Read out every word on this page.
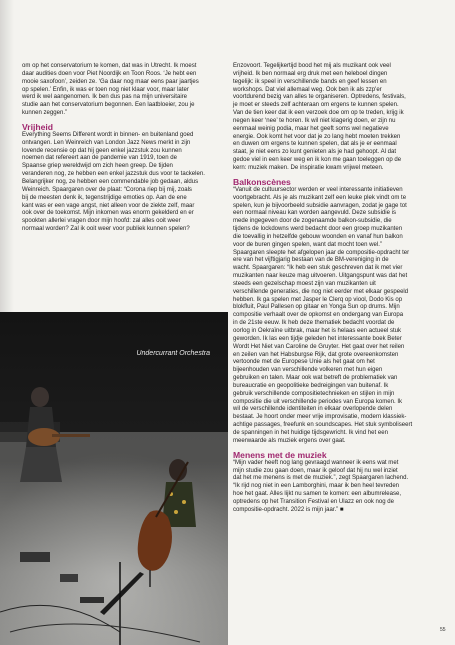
om op het conservatorium te komen, dat was in Utrecht. Ik moest

daar audities doen voor Piet Noordijk en Toon Roos. ‘Je hebt een

mooie saxofoon’, zeiden ze. ‘Ga daar nog maar eens paar jaartjes

op spelen.’ Enfin, ik was er toen nog niet klaar voor, maar later

werd ik wel aangenomen. Ik ben dus pas na mijn universitaire

studie aan het conservatorium begonnen. Een laatbloeier, zou je

kunnen zeggen.”

Vrijheid

Everything Seems Different wordt in binnen- en buitenland goed

ontvangen. Len Weinreich van London Jazz News merkt in zijn

lovende recensie op dat hij geen enkel jazzstuk zou kunnen

noemen dat refereert aan de pandemie van 1919, toen de

Spaanse griep wereldwijd om zich heen greep. De tijden

veranderen nog, ze hebben een enkel jazzstuk dus voor te tackelen.

Belangrijker nog, ze hebben een commendable job gedaan, aldus

Weinreich. Spaargaren over de plaat: “Corona riep bij mij, zoals

bij de meesten denk ik, tegenstrijdige emoties op. Aan de ene

kant was er een vage angst, niet alleen voor de ziekte zelf, maar

ook over de toekomst. Mijn inkomen was enorm gekelderd en er

spookten allerlei vragen door mijn hoofd: zal alles ooit weer

normaal worden? Zal ik ooit weer voor publiek kunnen spelen?

Undercurrant Orchestra

Enzovoort. Tegelijkertijd bood het mij als muzikant ook veel

vrijheid. Ik ben normaal erg druk met een heleboel dingen

tegelijk: ik speel in verschillende bands en geef lessen en

workshops. Dat viel allemaal weg. Ook ben ik als zzp'er

voortdurend bezig van alles te organiseren. Optredens, festivals,

je moet er steeds zelf achteraan om ergens te kunnen spelen.

Van de tien keer dat ik een verzoek doe om op te treden, krijg ik

negen keer ‘nee’ te horen. Ik wil niet klagerig doen, er zijn nu

eenmaal weinig podia, maar het geeft soms wel negatieve

energie. Ook komt het voor dat je zo lang hebt moeten trekken

en duwen om ergens te kunnen spelen, dat als je er eenmaal

staat, je niet eens zo kunt genieten als je had gehoopt. Al dat

gedoe viel in een keer weg en ik kon me gaan toeleggen op de

kern: muziek maken. De inspiratie kwam vrijwel meteen.

Balkonscènes

“Vanuit de cultuursector werden er veel interessante initiatieven

voortgebracht. Als je als muzikant zelf een leuke plek vindt om te

spelen, kun je bijvoorbeeld subsidie aanvragen, zodat je gage tot

een normaal niveau kan worden aangevuld. Deze subsidie is

mede ingegeven door de zogenaamde balkon-subsidie, die

tijdens de lockdowns werd bedacht door een groep muzikanten

die toevallig in hetzelfde gebouw woonden en vanaf hun balkon

voor de buren gingen spelen, want dat mocht toen wel.”

Spaargaren sleepte het afgelopen jaar de compositie-opdracht ter

ere van het vijftigjarig bestaan van de BM-vereniging in de

wacht. Spaargaren: “Ik heb een stuk geschreven dat ik met vier

muzikanten naar keuze mag uitvoeren. Uitgangspunt was dat het

steeds een gezelschap moest zijn van muzikanten uit

verschillende generaties, die nog niet eerder met elkaar gespeeld

hebben. Ik ga spelen met Jasper le Clerq op viool, Dodo Kis op

blokfluit, Paul Pallesen op gitaar en Yonga Sun op drums. Mijn

compositie verhaalt over de opkomst en ondergang van Europa

in de 21ste eeuw. Ik heb deze thematiek bedacht voordat de

oorlog in Oekraïne uitbrak, maar het is helaas een actueel stuk

geworden. Ik las een tijdje geleden het interessante boek Beter

Wordt Het Niet van Caroline de Gruyter. Het gaat over het reilen

en zeilen van het Habsburgse Rijk, dat grote overeenkomsten

vertoonde met de Europese Unie als het gaat om het

bijeenhouden van verschillende volkeren met hun eigen

gebruiken en talen. Maar ook wat betreft de problematiek van

bureaucratie en geopolitieke bedreigingen van buitenaf. Ik

gebruik verschillende compositietechnieken en stijlen in mijn

compositie die uit verschillende periodes van Europa komen. Ik

wil de verschillende identiteiten in elkaar overlopende delen

bestaat. Je hoort onder meer vrije improvisatie, modern klassiek-

achtige passages, freefunk en soundscapes. Het stuk symboliseert

de spanningen in het huidige tijdsgewricht. Ik vind het een

meerwaarde als muziek ergens over gaat.

Menens met de muziek

“Mijn vader heeft nog lang gevraagd wanneer ik eens wat met

mijn studie zou gaan doen, maar ik geloof dat hij nu wel inziet

dat het me menens is met de muziek.”, zegt Spaargaren lachend.

“Ik rijd nog niet in een Lamborghini, maar ik ben heel tevreden

hoe het gaat. Alles lijkt nu samen te komen: een albumrelease,

optredens op het Transition Festival en Ulazz en ook nog de

compositie-opdracht. 2022 is mijn jaar.” ■

55
